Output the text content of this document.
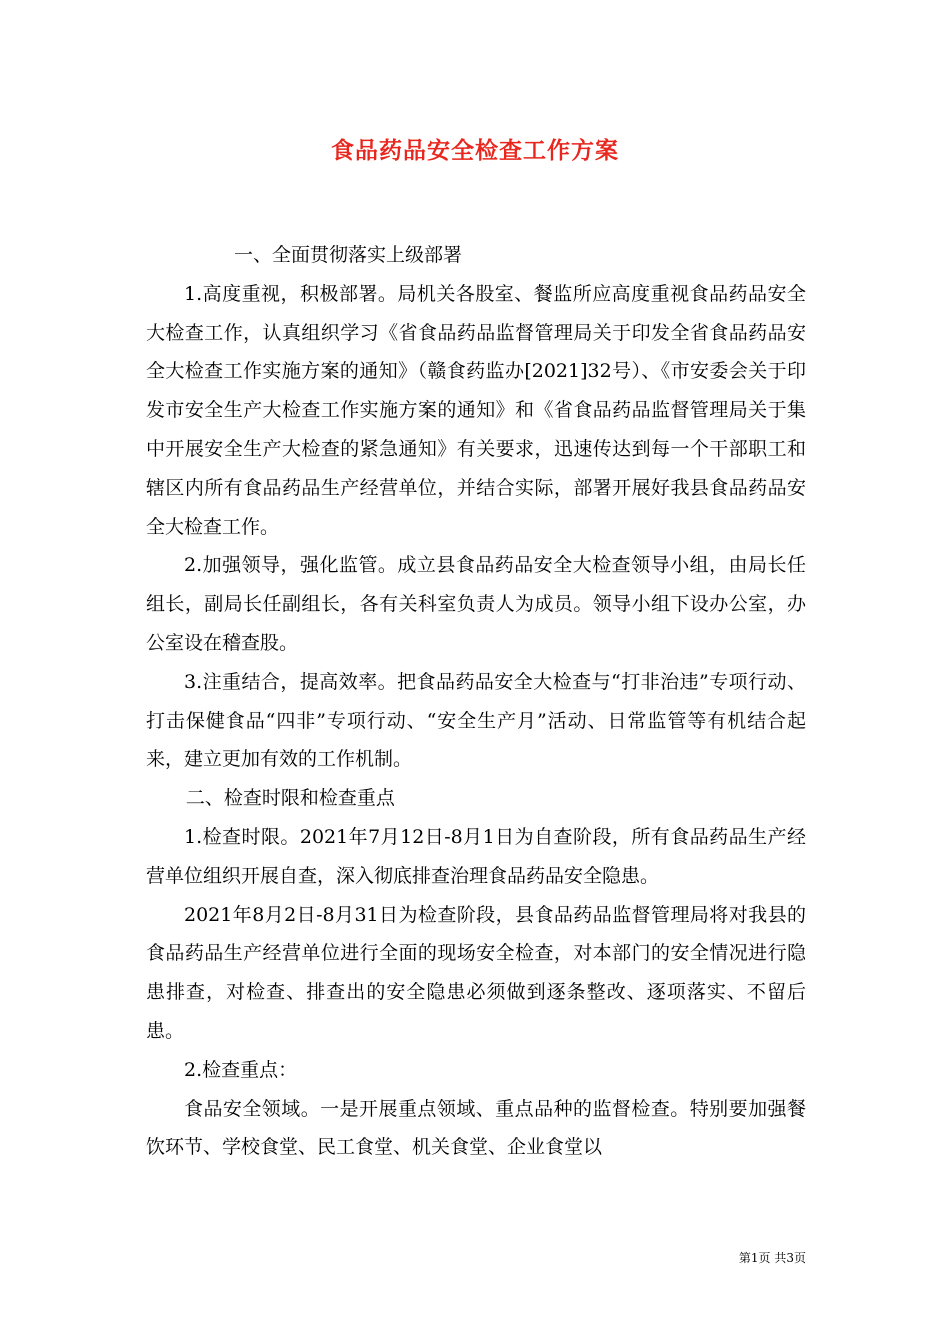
食品药品安全检查工作方案

一、全面贯彻落实上级部署

1.高度重视，积极部署。局机关各股室、餐监所应高度重视食品药品安全大检查工作，认真组织学习《省食品药品监督管理局关于印发全省食品药品安全大检查工作实施方案的通知》（赣食药监办[2021]32号）、《市安委会关于印发市安全生产大检查工作实施方案的通知》和《省食品药品监督管理局关于集中开展安全生产大检查的紧急通知》有关要求，迅速传达到每一个干部职工和辖区内所有食品药品生产经营单位，并结合实际，部署开展好我县食品药品安全大检查工作。

2.加强领导，强化监管。成立县食品药品安全大检查领导小组，由局长任组长，副局长任副组长，各有关科室负责人为成员。领导小组下设办公室，办公室设在稽查股。

3.注重结合，提高效率。把食品药品安全大检查与“打非治违”专项行动、打击保健食品“四非”专项行动、“安全生产月”活动、日常监管等有机结合起来，建立更加有效的工作机制。

二、检查时限和检查重点

1.检查时限。2021年7月12日-8月1日为自查阶段，所有食品药品生产经营单位组织开展自查，深入彻底排查治理食品药品安全隐患。

2021年8月2日-8月31日为检查阶段，县食品药品监督管理局将对我县的食品药品生产经营单位进行全面的现场安全检查，对本部门的安全情况进行隐患排查，对检查、排查出的安全隐患必须做到逐条整改、逐项落实、不留后患。

2.检查重点：

食品安全领域。一是开展重点领域、重点品种的监督检查。特别要加强餐饮环节、学校食堂、民工食堂、机关食堂、企业食堂以

第1页 共3页
